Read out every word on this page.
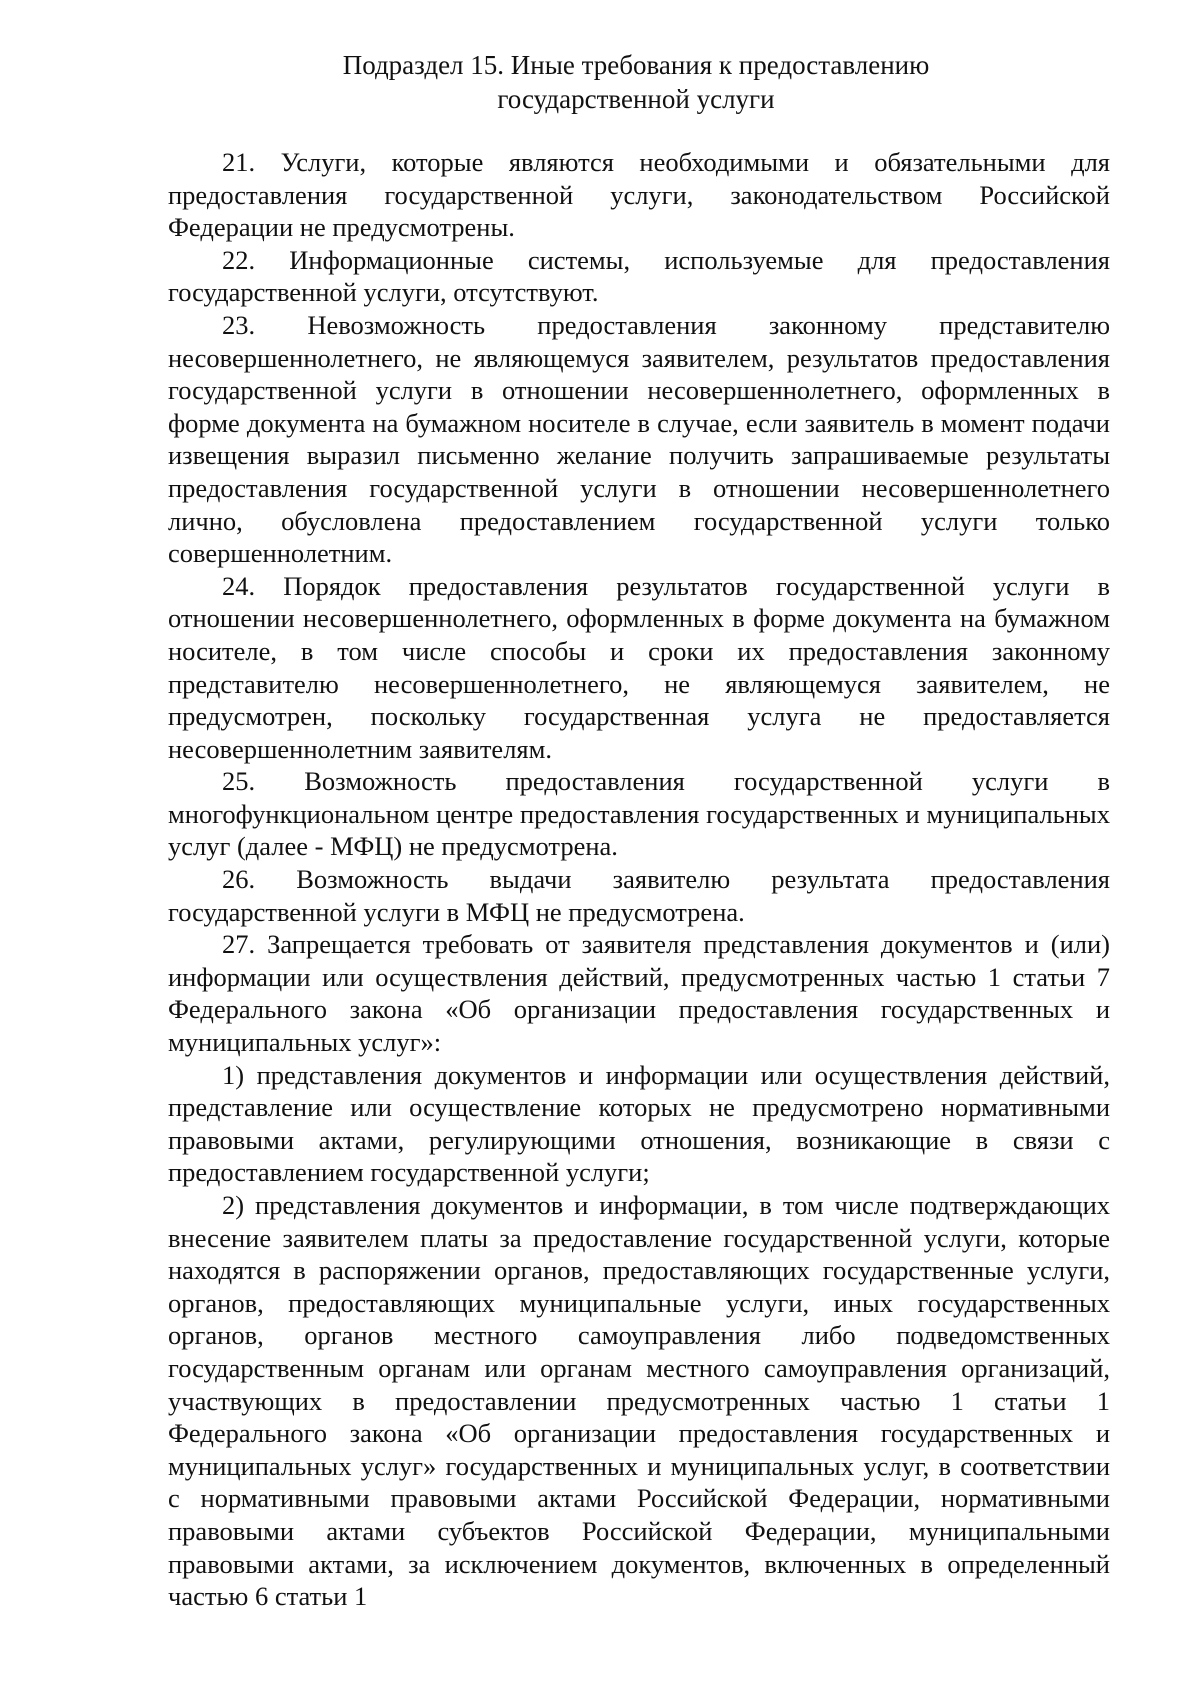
Подраздел 15. Иные требования к предоставлению
государственной услуги

21. Услуги, которые являются необходимыми и обязательными для предоставления государственной услуги, законодательством Российской Федерации не предусмотрены.

22. Информационные системы, используемые для предоставления государственной услуги, отсутствуют.

23. Невозможность предоставления законному представителю несовершеннолетнего, не являющемуся заявителем, результатов предоставления государственной услуги в отношении несовершеннолетнего, оформленных в форме документа на бумажном носителе в случае, если заявитель в момент подачи извещения выразил письменно желание получить запрашиваемые результаты предоставления государственной услуги в отношении несовершеннолетнего лично, обусловлена предоставлением государственной услуги только совершеннолетним.

24. Порядок предоставления результатов государственной услуги в отношении несовершеннолетнего, оформленных в форме документа на бумажном носителе, в том числе способы и сроки их предоставления законному представителю несовершеннолетнего, не являющемуся заявителем, не предусмотрен, поскольку государственная услуга не предоставляется несовершеннолетним заявителям.

25. Возможность предоставления государственной услуги в многофункциональном центре предоставления государственных и муниципальных услуг (далее - МФЦ) не предусмотрена.

26. Возможность выдачи заявителю результата предоставления государственной услуги в МФЦ не предусмотрена.

27. Запрещается требовать от заявителя представления документов и (или) информации или осуществления действий, предусмотренных частью 1 статьи 7 Федерального закона «Об организации предоставления государственных и муниципальных услуг»:

1) представления документов и информации или осуществления действий, представление или осуществление которых не предусмотрено нормативными правовыми актами, регулирующими отношения, возникающие в связи с предоставлением государственной услуги;

2) представления документов и информации, в том числе подтверждающих внесение заявителем платы за предоставление государственной услуги, которые находятся в распоряжении органов, предоставляющих государственные услуги, органов, предоставляющих муниципальные услуги, иных государственных органов, органов местного самоуправления либо подведомственных государственным органам или органам местного самоуправления организаций, участвующих в предоставлении предусмотренных частью 1 статьи 1 Федерального закона «Об организации предоставления государственных и муниципальных услуг» государственных и муниципальных услуг, в соответствии с нормативными правовыми актами Российской Федерации, нормативными правовыми актами субъектов Российской Федерации, муниципальными правовыми актами, за исключением документов, включенных в определенный частью 6 статьи 1
